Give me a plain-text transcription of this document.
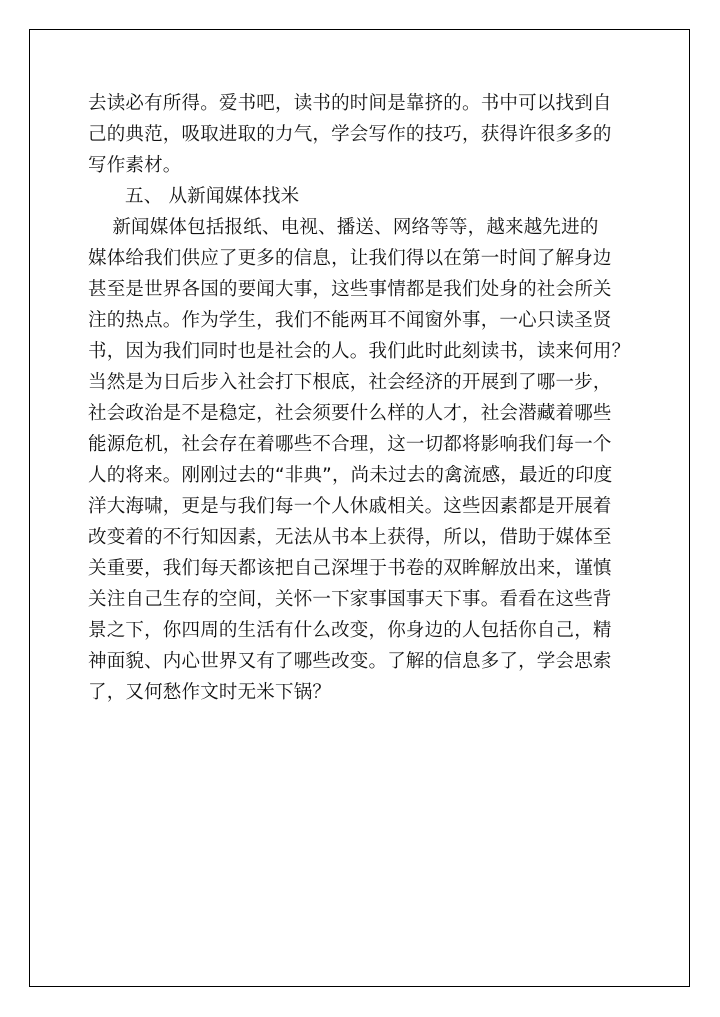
去读必有所得。爱书吧，读书的时间是靠挤的。书中可以找到自
己的典范，吸取进取的力气，学会写作的技巧，获得许很多多的
写作素材。
五、 从新闻媒体找米
新闻媒体包括报纸、电视、播送、网络等等，越来越先进的
媒体给我们供应了更多的信息，让我们得以在第一时间了解身边
甚至是世界各国的要闻大事，这些事情都是我们处身的社会所关
注的热点。作为学生，我们不能两耳不闻窗外事，一心只读圣贤
书，因为我们同时也是社会的人。我们此时此刻读书，读来何用？
当然是为日后步入社会打下根底，社会经济的开展到了哪一步，
社会政治是不是稳定，社会须要什么样的人才，社会潜藏着哪些
能源危机，社会存在着哪些不合理，这一切都将影响我们每一个
人的将来。刚刚过去的“非典”，尚未过去的禽流感，最近的印度
洋大海啸，更是与我们每一个人休戚相关。这些因素都是开展着
改变着的不行知因素，无法从书本上获得，所以，借助于媒体至
关重要，我们每天都该把自己深埋于书卷的双眸解放出来，谨慎
关注自己生存的空间，关怀一下家事国事天下事。看看在这些背
景之下，你四周的生活有什么改变，你身边的人包括你自己，精
神面貌、内心世界又有了哪些改变。了解的信息多了，学会思索
了，又何愁作文时无米下锅？
